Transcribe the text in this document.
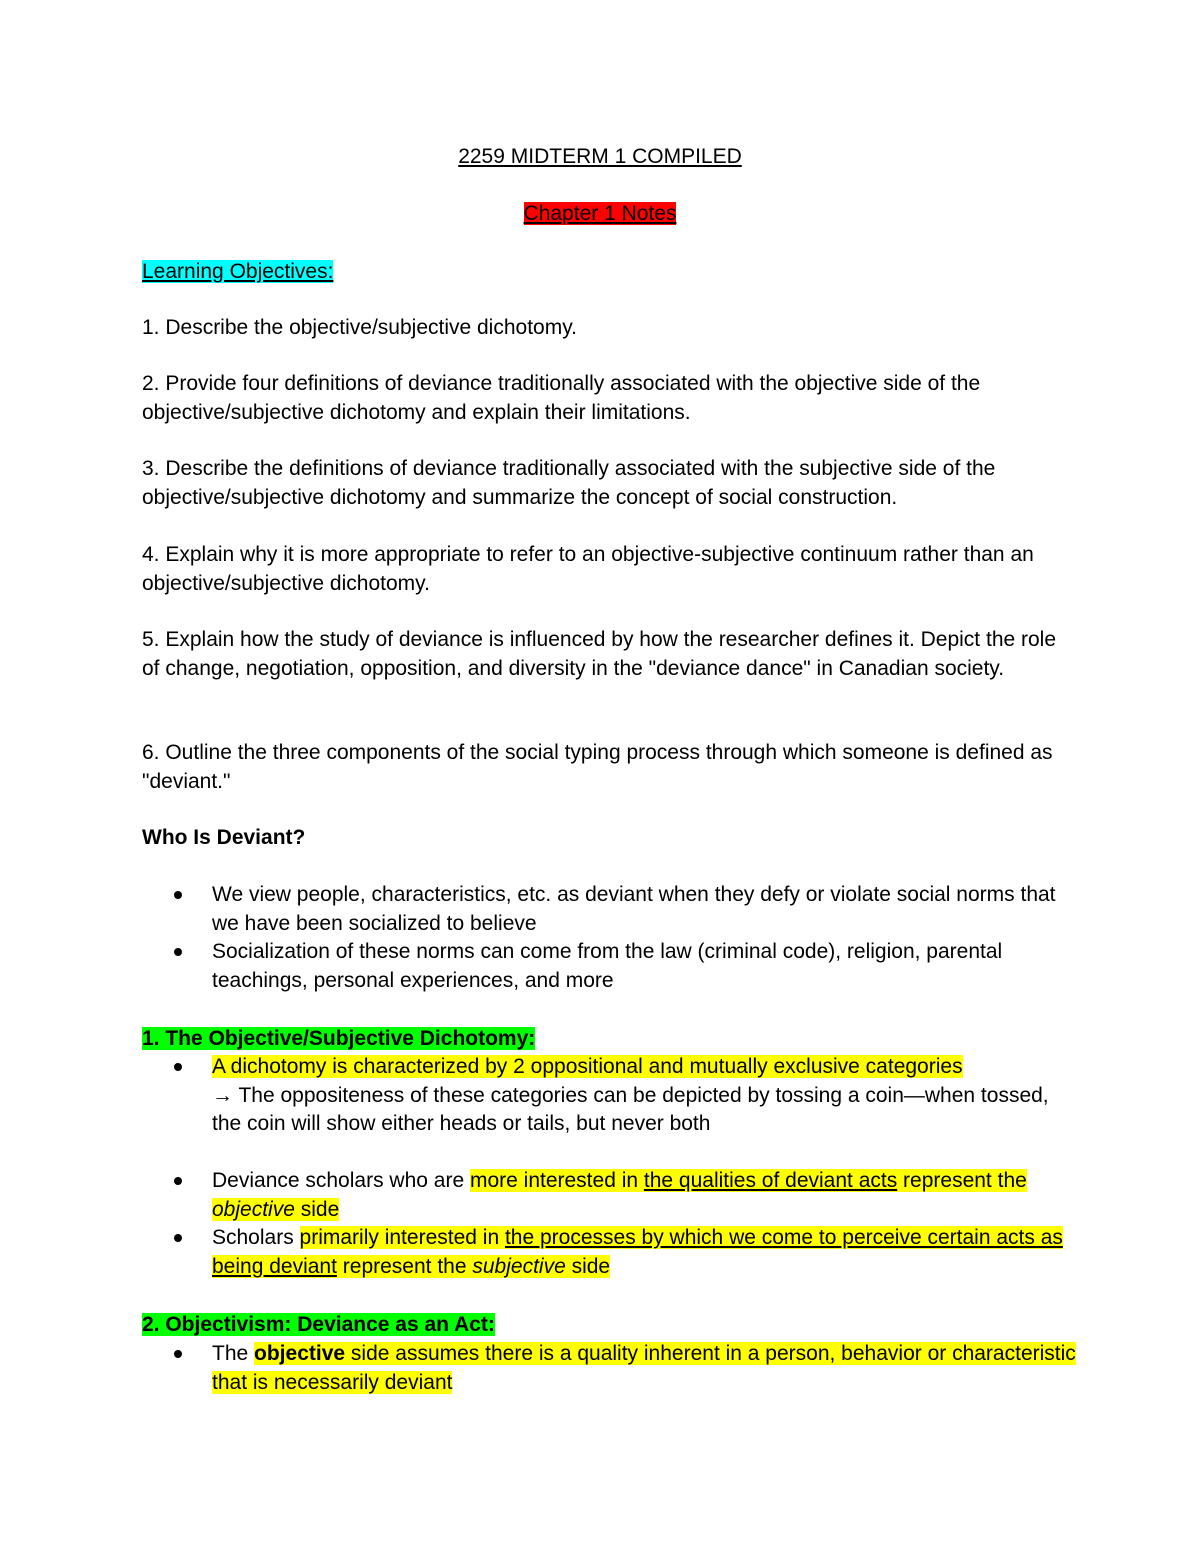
2259 MIDTERM 1 COMPILED
Chapter 1 Notes
Learning Objectives:
1. Describe the objective/subjective dichotomy.
2. Provide four definitions of deviance traditionally associated with the objective side of the objective/subjective dichotomy and explain their limitations.
3. Describe the definitions of deviance traditionally associated with the subjective side of the objective/subjective dichotomy and summarize the concept of social construction.
4. Explain why it is more appropriate to refer to an objective-subjective continuum rather than an objective/subjective dichotomy.
5. Explain how the study of deviance is influenced by how the researcher defines it. Depict the role of change, negotiation, opposition, and diversity in the "deviance dance" in Canadian society.
6. Outline the three components of the social typing process through which someone is defined as "deviant."
Who Is Deviant?
We view people, characteristics, etc. as deviant when they defy or violate social norms that we have been socialized to believe
Socialization of these norms can come from the law (criminal code), religion, parental teachings, personal experiences, and more
1. The Objective/Subjective Dichotomy:
A dichotomy is characterized by 2 oppositional and mutually exclusive categories
→ The oppositeness of these categories can be depicted by tossing a coin—when tossed, the coin will show either heads or tails, but never both
Deviance scholars who are more interested in the qualities of deviant acts represent the objective side
Scholars primarily interested in the processes by which we come to perceive certain acts as being deviant represent the subjective side
2. Objectivism: Deviance as an Act:
The objective side assumes there is a quality inherent in a person, behavior or characteristic that is necessarily deviant
